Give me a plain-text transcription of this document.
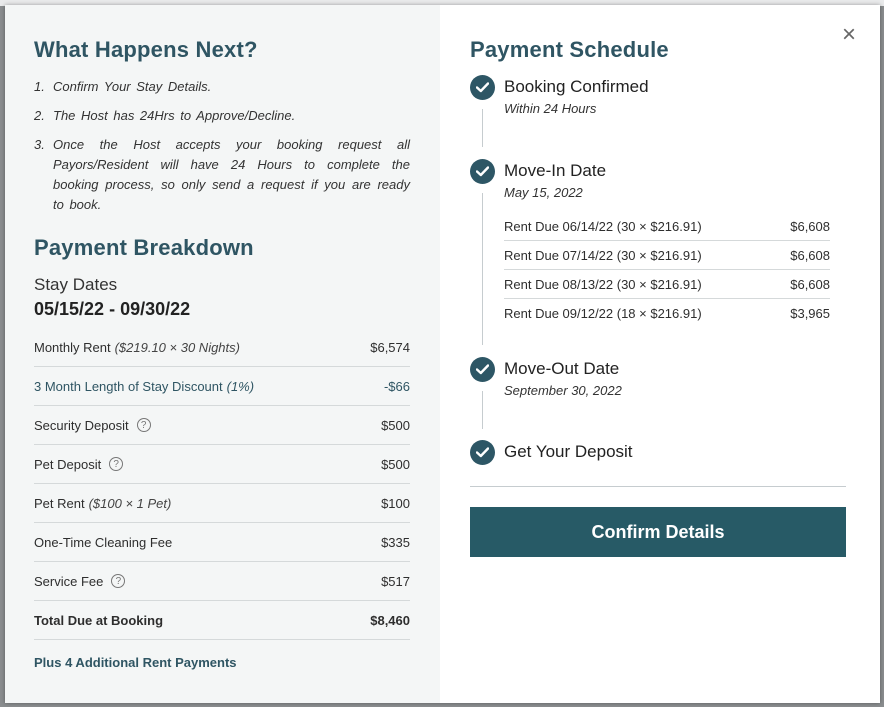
What Happens Next?
1. Confirm Your Stay Details.
2. The Host has 24Hrs to Approve/Decline.
3. Once the Host accepts your booking request all Payors/Resident will have 24 Hours to complete the booking process, so only send a request if you are ready to book.
Payment Breakdown
Stay Dates
05/15/22 - 09/30/22
Monthly Rent ($219.10 × 30 Nights)	$6,574
3 Month Length of Stay Discount (1%)	-$66
Security Deposit	?	$500
Pet Deposit	?	$500
Pet Rent ($100 × 1 Pet)	$100
One-Time Cleaning Fee	$335
Service Fee	?	$517
Total Due at Booking	$8,460
Plus 4 Additional Rent Payments
×
Payment Schedule
Booking Confirmed
Within 24 Hours
Move-In Date
May 15, 2022
Rent Due 06/14/22 (30 × $216.91)	$6,608
Rent Due 07/14/22 (30 × $216.91)	$6,608
Rent Due 08/13/22 (30 × $216.91)	$6,608
Rent Due 09/12/22 (18 × $216.91)	$3,965
Move-Out Date
September 30, 2022
Get Your Deposit
Confirm Details
